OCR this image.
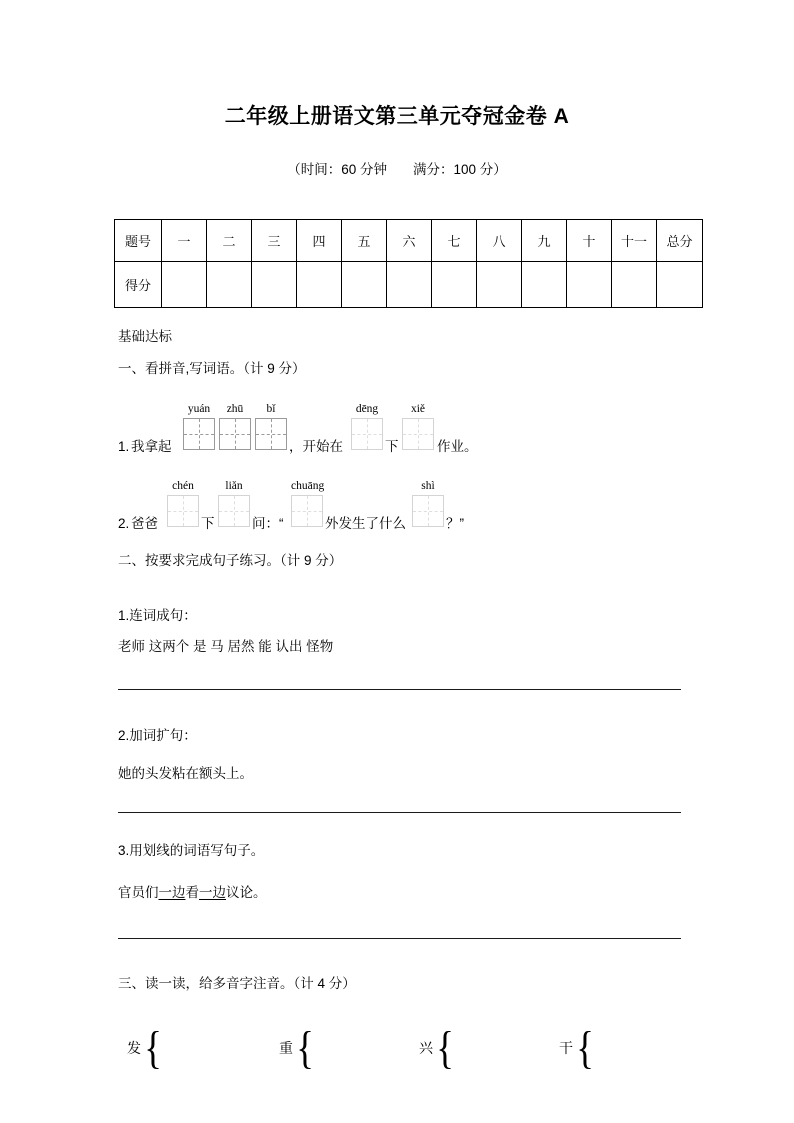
二年级上册语文第三单元夺冠金卷 A
（时间：60 分钟 满分：100 分）
题号	一	二	三	四	五	六	七	八	九	十	十一	总分
得分												
基础达标
一、看拼音,写词语。（计 9 分）
1. 我拿起
yuán	zhū	bǐ
，开始在
dēng
下
xiě
作业。
2. 爸爸
chén
下
liǎn
问：“
chuāng
外发生了什么
shì
？”
二、按要求完成句子练习。（计 9 分）
1.连词成句：
老师 这两个 是 马 居然 能 认出 怪物
2.加词扩句：
她的头发粘在额头上。
3.用划线的词语写句子。
官员们一边看一边议论。
三、读一读，给多音字注音。（计 4 分）
发 {	重 {	兴 {	干 {
